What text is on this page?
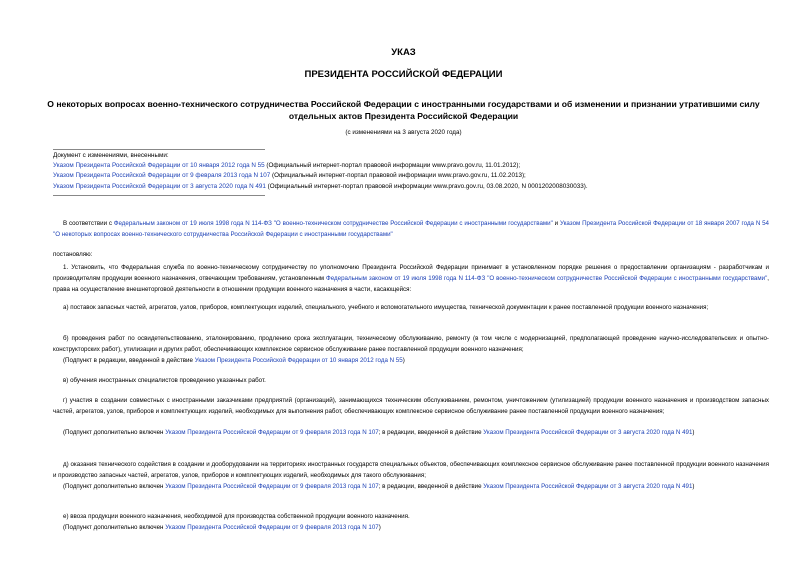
УКАЗ
ПРЕЗИДЕНТА РОССИЙСКОЙ ФЕДЕРАЦИИ
О некоторых вопросах военно-технического сотрудничества Российской Федерации с иностранными государствами и об изменении и признании утратившими силу отдельных актов Президента Российской Федерации
(с изменениями на 3 августа 2020 года)
Документ с изменениями, внесенными:
Указом Президента Российской Федерации от 10 января 2012 года N 55 (Официальный интернет-портал правовой информации www.pravo.gov.ru, 11.01.2012);
Указом Президента Российской Федерации от 9 февраля 2013 года N 107 (Официальный интернет-портал правовой информации www.pravo.gov.ru, 11.02.2013);
Указом Президента Российской Федерации от 3 августа 2020 года N 491 (Официальный интернет-портал правовой информации www.pravo.gov.ru, 03.08.2020, N 0001202008030033).
В соответствии с Федеральным законом от 19 июля 1998 года N 114-ФЗ "О военно-техническом сотрудничестве Российской Федерации с иностранными государствами" и Указом Президента Российской Федерации от 18 января 2007 года N 54 "О некоторых вопросах военно-технического сотрудничества Российской Федерации с иностранными государствами"
постановляю:
1. Установить, что Федеральная служба по военно-техническому сотрудничеству по уполномочию Президента Российской Федерации принимает в установленном порядке решения о предоставлении организациям - разработчикам и производителям продукции военного назначения, отвечающим требованиям, установленным Федеральным законом от 19 июля 1998 года N 114-ФЗ "О военно-техническом сотрудничестве Российской Федерации с иностранными государствами", права на осуществление внешнеторговой деятельности в отношении продукции военного назначения в части, касающейся:
а) поставок запасных частей, агрегатов, узлов, приборов, комплектующих изделий, специального, учебного и вспомогательного имущества, технической документации к ранее поставленной продукции военного назначения;
б) проведения работ по освидетельствованию, эталонированию, продлению срока эксплуатации, техническому обслуживанию, ремонту (в том числе с модернизацией, предполагающей проведение научно-исследовательских и опытно-конструкторских работ), утилизации и других работ, обеспечивающих комплексное сервисное обслуживание ранее поставленной продукции военного назначения;
(Подпункт в редакции, введенной в действие Указом Президента Российской Федерации от 10 января 2012 года N 55)
в) обучения иностранных специалистов проведению указанных работ.
г) участия в создании совместных с иностранными заказчиками предприятий (организаций), занимающихся техническим обслуживанием, ремонтом, уничтожением (утилизацией) продукции военного назначения и производством запасных частей, агрегатов, узлов, приборов и комплектующих изделий, необходимых для выполнения работ, обеспечивающих комплексное сервисное обслуживание ранее поставленной продукции военного назначения;
(Подпункт дополнительно включен Указом Президента Российской Федерации от 9 февраля 2013 года N 107; в редакции, введенной в действие Указом Президента Российской Федерации от 3 августа 2020 года N 491)
д) оказания технического содействия в создании и дооборудовании на территориях иностранных государств специальных объектов, обеспечивающих комплексное сервисное обслуживание ранее поставленной продукции военного назначения и производство запасных частей, агрегатов, узлов, приборов и комплектующих изделий, необходимых для такого обслуживания;
(Подпункт дополнительно включен Указом Президента Российской Федерации от 9 февраля 2013 года N 107; в редакции, введенной в действие Указом Президента Российской Федерации от 3 августа 2020 года N 491)
е) ввоза продукции военного назначения, необходимой для производства собственной продукции военного назначения.
(Подпункт дополнительно включен Указом Президента Российской Федерации от 9 февраля 2013 года N 107)
